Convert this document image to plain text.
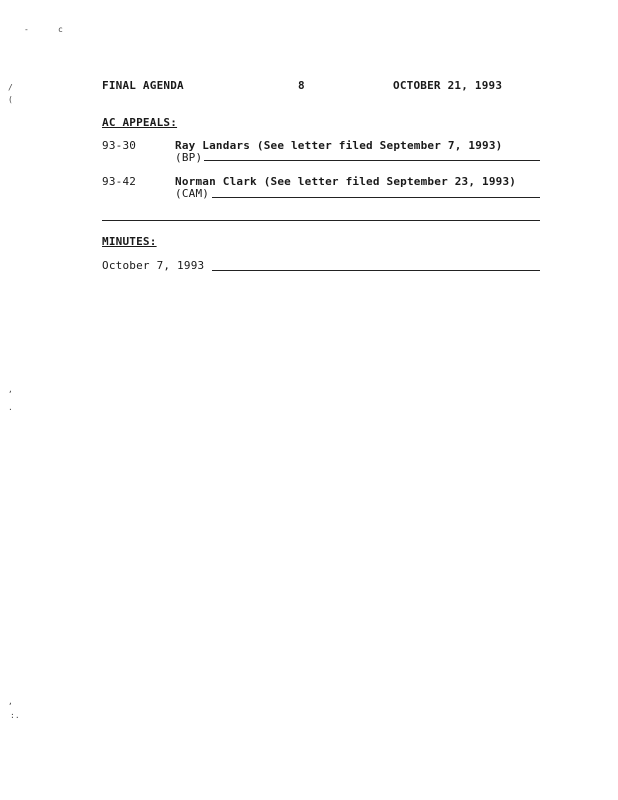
-	c
/
(
,
.
,
:.
FINAL AGENDA	8	OCTOBER 21, 1993
AC APPEALS:
93-30	Ray Landars (See letter filed September 7, 1993)
(BP)
93-42	Norman Clark (See letter filed September 23, 1993)
(CAM)
MINUTES:
October 7, 1993
